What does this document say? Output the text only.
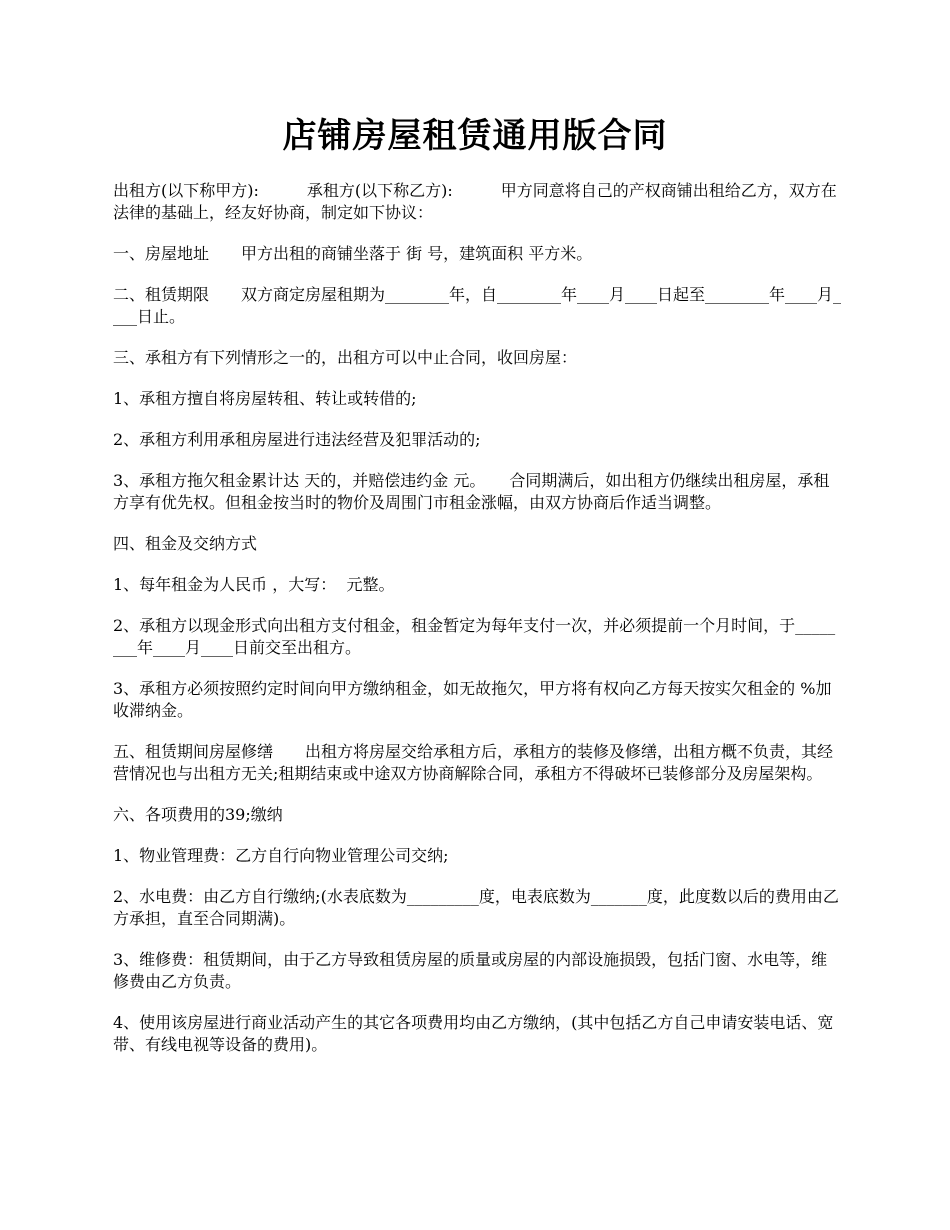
店铺房屋租赁通用版合同

出租方(以下称甲方):　　　承租方(以下称乙方):　　　甲方同意将自己的产权商铺出租给乙方，双方在法律的基础上，经友好协商，制定如下协议：

一、房屋地址　　甲方出租的商铺坐落于 街 号，建筑面积 平方米。

二、租赁期限　　双方商定房屋租期为________年，自________年____月____日起至________年____月____日止。

三、承租方有下列情形之一的，出租方可以中止合同，收回房屋：

1、承租方擅自将房屋转租、转让或转借的;

2、承租方利用承租房屋进行违法经营及犯罪活动的;

3、承租方拖欠租金累计达 天的，并赔偿违约金 元。　　合同期满后，如出租方仍继续出租房屋，承租方享有优先权。但租金按当时的物价及周围门市租金涨幅，由双方协商后作适当调整。

四、租金及交纳方式

1、每年租金为人民币 ，大写：  元整。

2、承租方以现金形式向出租方支付租金，租金暂定为每年支付一次，并必须提前一个月时间，于________年____月____日前交至出租方。

3、承租方必须按照约定时间向甲方缴纳租金，如无故拖欠，甲方将有权向乙方每天按实欠租金的 %加收滞纳金。

五、租赁期间房屋修缮　　出租方将房屋交给承租方后，承租方的装修及修缮，出租方概不负责，其经营情况也与出租方无关;租期结束或中途双方协商解除合同，承租方不得破坏已装修部分及房屋架构。

六、各项费用的39;缴纳

1、物业管理费：乙方自行向物业管理公司交纳;

2、水电费：由乙方自行缴纳;(水表底数为_________度，电表底数为_______度，此度数以后的费用由乙方承担，直至合同期满)。

3、维修费：租赁期间，由于乙方导致租赁房屋的质量或房屋的内部设施损毁，包括门窗、水电等，维修费由乙方负责。

4、使用该房屋进行商业活动产生的其它各项费用均由乙方缴纳，(其中包括乙方自己申请安装电话、宽带、有线电视等设备的费用)。
